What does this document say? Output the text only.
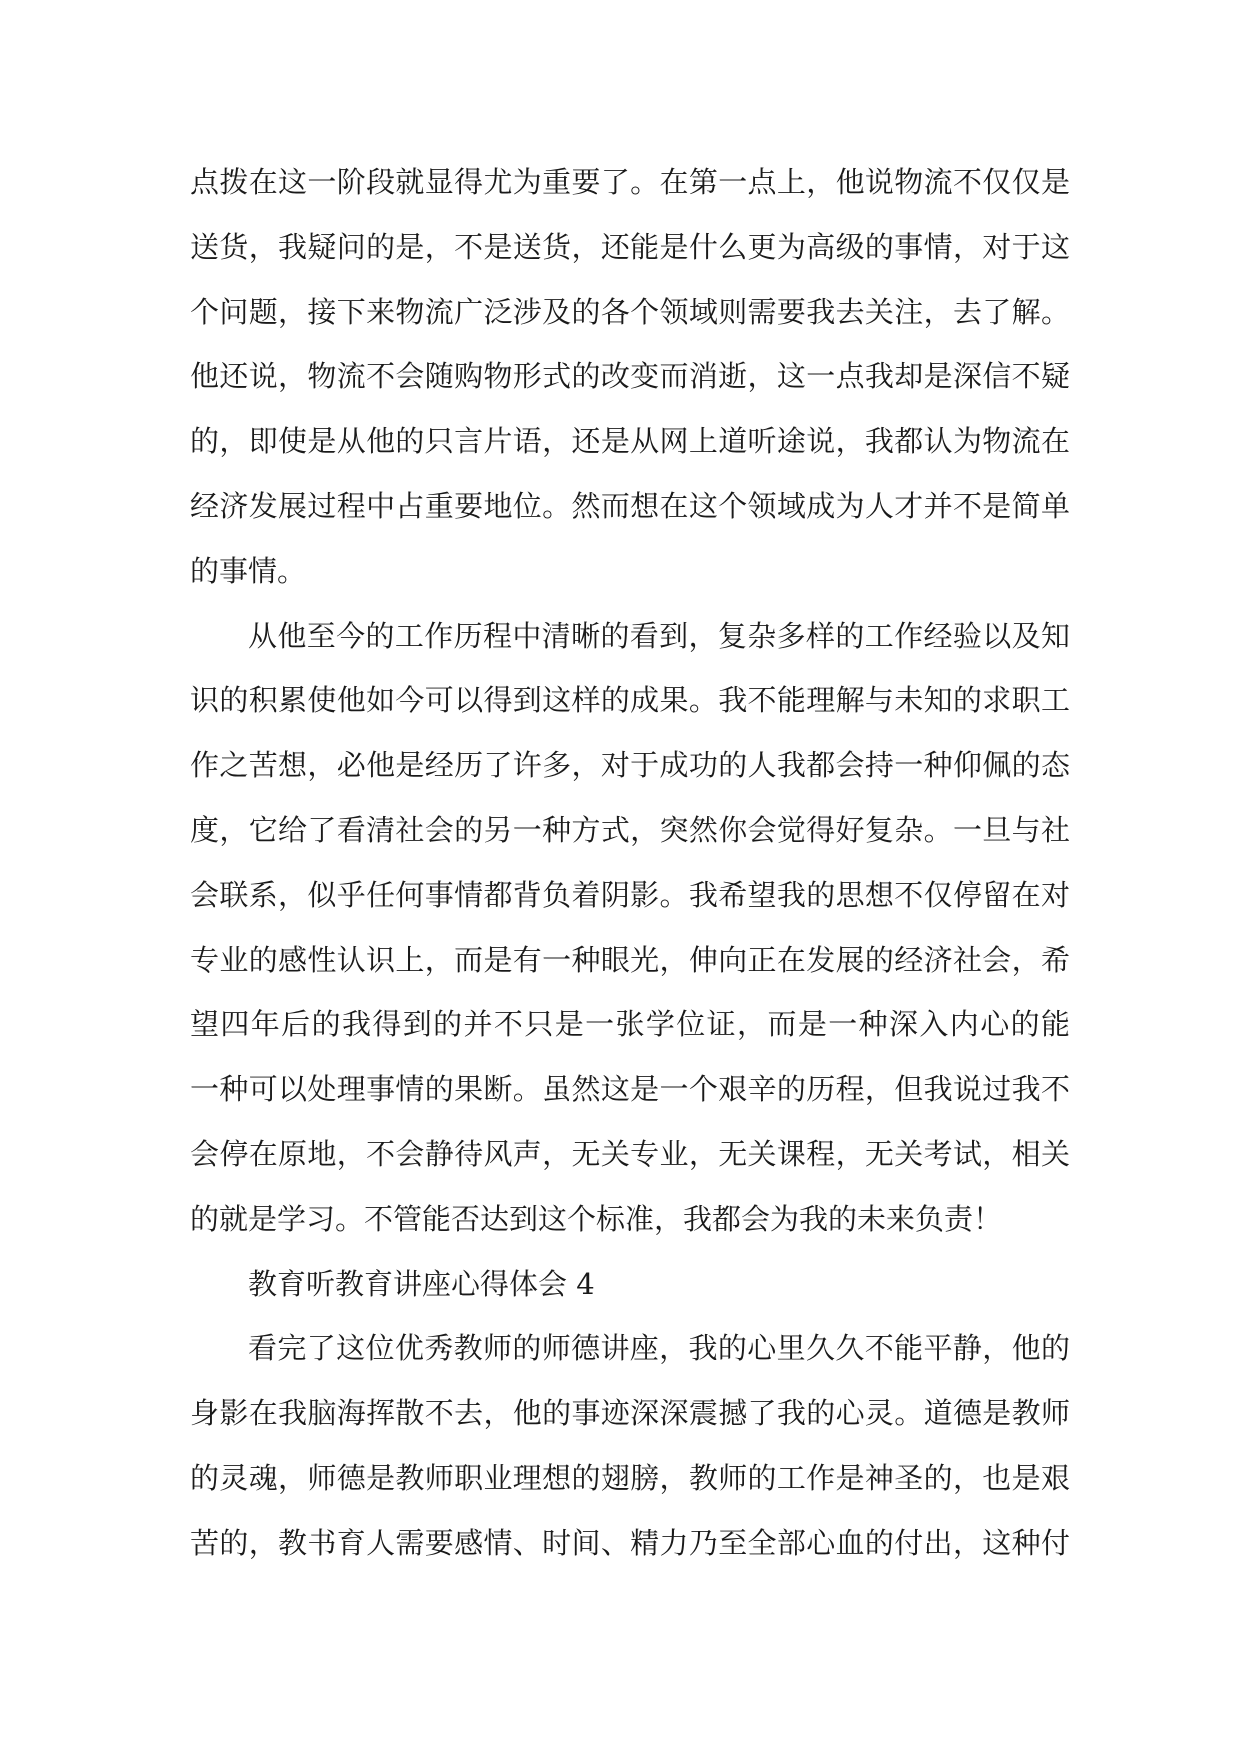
点拨在这一阶段就显得尤为重要了。在第一点上，他说物流不仅仅是
送货，我疑问的是，不是送货，还能是什么更为高级的事情，对于这
个问题，接下来物流广泛涉及的各个领域则需要我去关注，去了解。
他还说，物流不会随购物形式的改变而消逝，这一点我却是深信不疑
的，即使是从他的只言片语，还是从网上道听途说，我都认为物流在
经济发展过程中占重要地位。然而想在这个领域成为人才并不是简单
的事情。
从他至今的工作历程中清晰的看到，复杂多样的工作经验以及知
识的积累使他如今可以得到这样的成果。我不能理解与未知的求职工
作之苦想，必他是经历了许多，对于成功的人我都会持一种仰佩的态
度，它给了看清社会的另一种方式，突然你会觉得好复杂。一旦与社
会联系，似乎任何事情都背负着阴影。我希望我的思想不仅停留在对
专业的感性认识上，而是有一种眼光，伸向正在发展的经济社会，希
望四年后的我得到的并不只是一张学位证，而是一种深入内心的能
一种可以处理事情的果断。虽然这是一个艰辛的历程，但我说过我不
会停在原地，不会静待风声，无关专业，无关课程，无关考试，相关
的就是学习。不管能否达到这个标准，我都会为我的未来负责！
教育听教育讲座心得体会 4
看完了这位优秀教师的师德讲座，我的心里久久不能平静，他的
身影在我脑海挥散不去，他的事迹深深震撼了我的心灵。道德是教师
的灵魂，师德是教师职业理想的翅膀，教师的工作是神圣的，也是艰
苦的，教书育人需要感情、时间、精力乃至全部心血的付出，这种付
